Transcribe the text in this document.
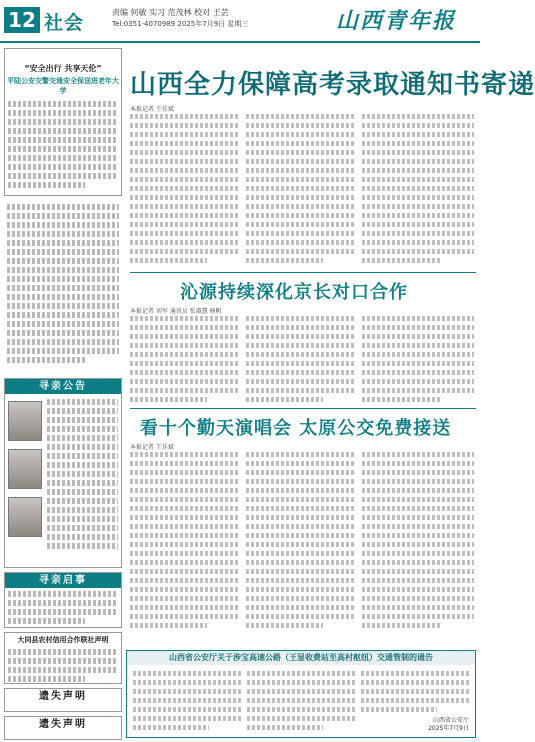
12 社会	责编 何敏 实习 范茂林 校对 王芸
Tel:0351-4070989 2025年7月9日 星期三	山西青年报
“安全出行 共享天伦”
平陆公安交警交通安全保送进老年大学
寻亲公告
寻亲启事
大同县农村信用合作联社声明
遗失声明
遗失声明
山西全力保障高考录取通知书寄递
本报记者 王佳斌
沁源持续深化京长对口合作
本报记者 刘军 通讯员 张淑慧 杨帆
看十个勤天演唱会 太原公交免费接送
本报记者 王佳斌
山西省公安厅关于涉宝高速公路（王显收费站至高村枢纽）交通管制的通告
山西省公安厅
2025年7月9日
